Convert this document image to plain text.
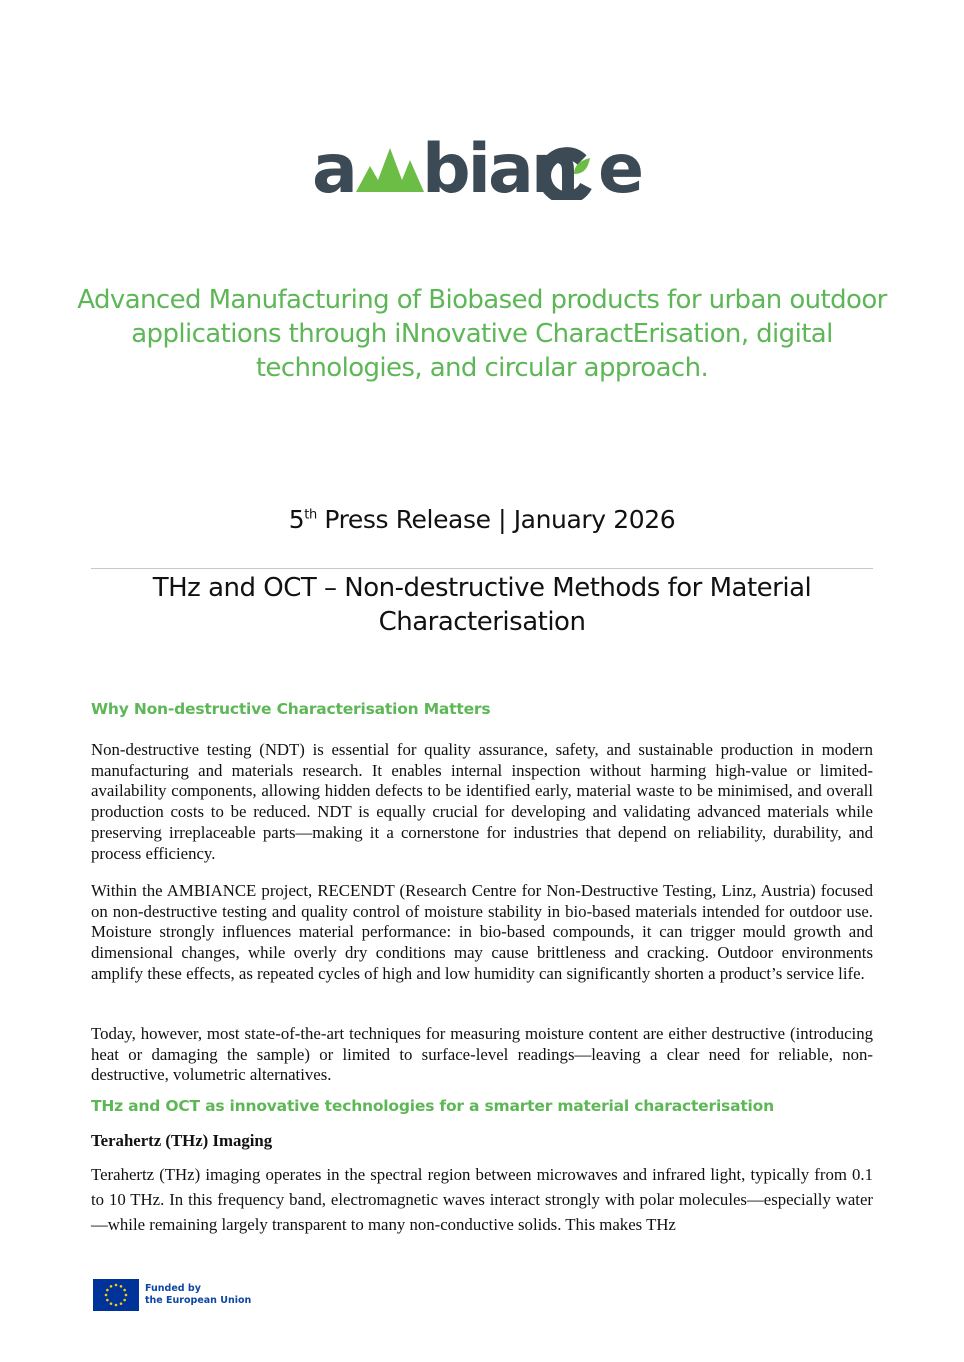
a bian e
Advanced Manufacturing of Biobased products for urban outdoor applications through iNnovative CharactErisation, digital technologies, and circular approach.
5th Press Release | January 2026
THz and OCT – Non-destructive Methods for Material Characterisation
Why Non-destructive Characterisation Matters

Non-destructive testing (NDT) is essential for quality assurance, safety, and sustainable production in modern manufacturing and materials research. It enables internal inspection without harming high-value or limited-availability components, allowing hidden defects to be identified early, material waste to be minimised, and overall production costs to be reduced. NDT is equally crucial for developing and validating advanced materials while preserving irreplaceable parts—making it a cornerstone for industries that depend on reliability, durability, and process efficiency.

Within the AMBIANCE project, RECENDT (Research Centre for Non-Destructive Testing, Linz, Austria) focused on non-destructive testing and quality control of moisture stability in bio-based materials intended for outdoor use. Moisture strongly influences material performance: in bio-based compounds, it can trigger mould growth and dimensional changes, while overly dry conditions may cause brittleness and cracking. Outdoor environments amplify these effects, as repeated cycles of high and low humidity can significantly shorten a product’s service life.

Today, however, most state-of-the-art techniques for measuring moisture content are either destructive (introducing heat or damaging the sample) or limited to surface-level readings—leaving a clear need for reliable, non-destructive, volumetric alternatives.

THz and OCT as innovative technologies for a smarter material characterisation
Terahertz (THz) Imaging

Terahertz (THz) imaging operates in the spectral region between microwaves and infrared light, typically from 0.1 to 10 THz. In this frequency band, electromagnetic waves interact strongly with polar molecules—especially water—while remaining largely transparent to many non-conductive solids. This makes THz

Funded by
the European Union
